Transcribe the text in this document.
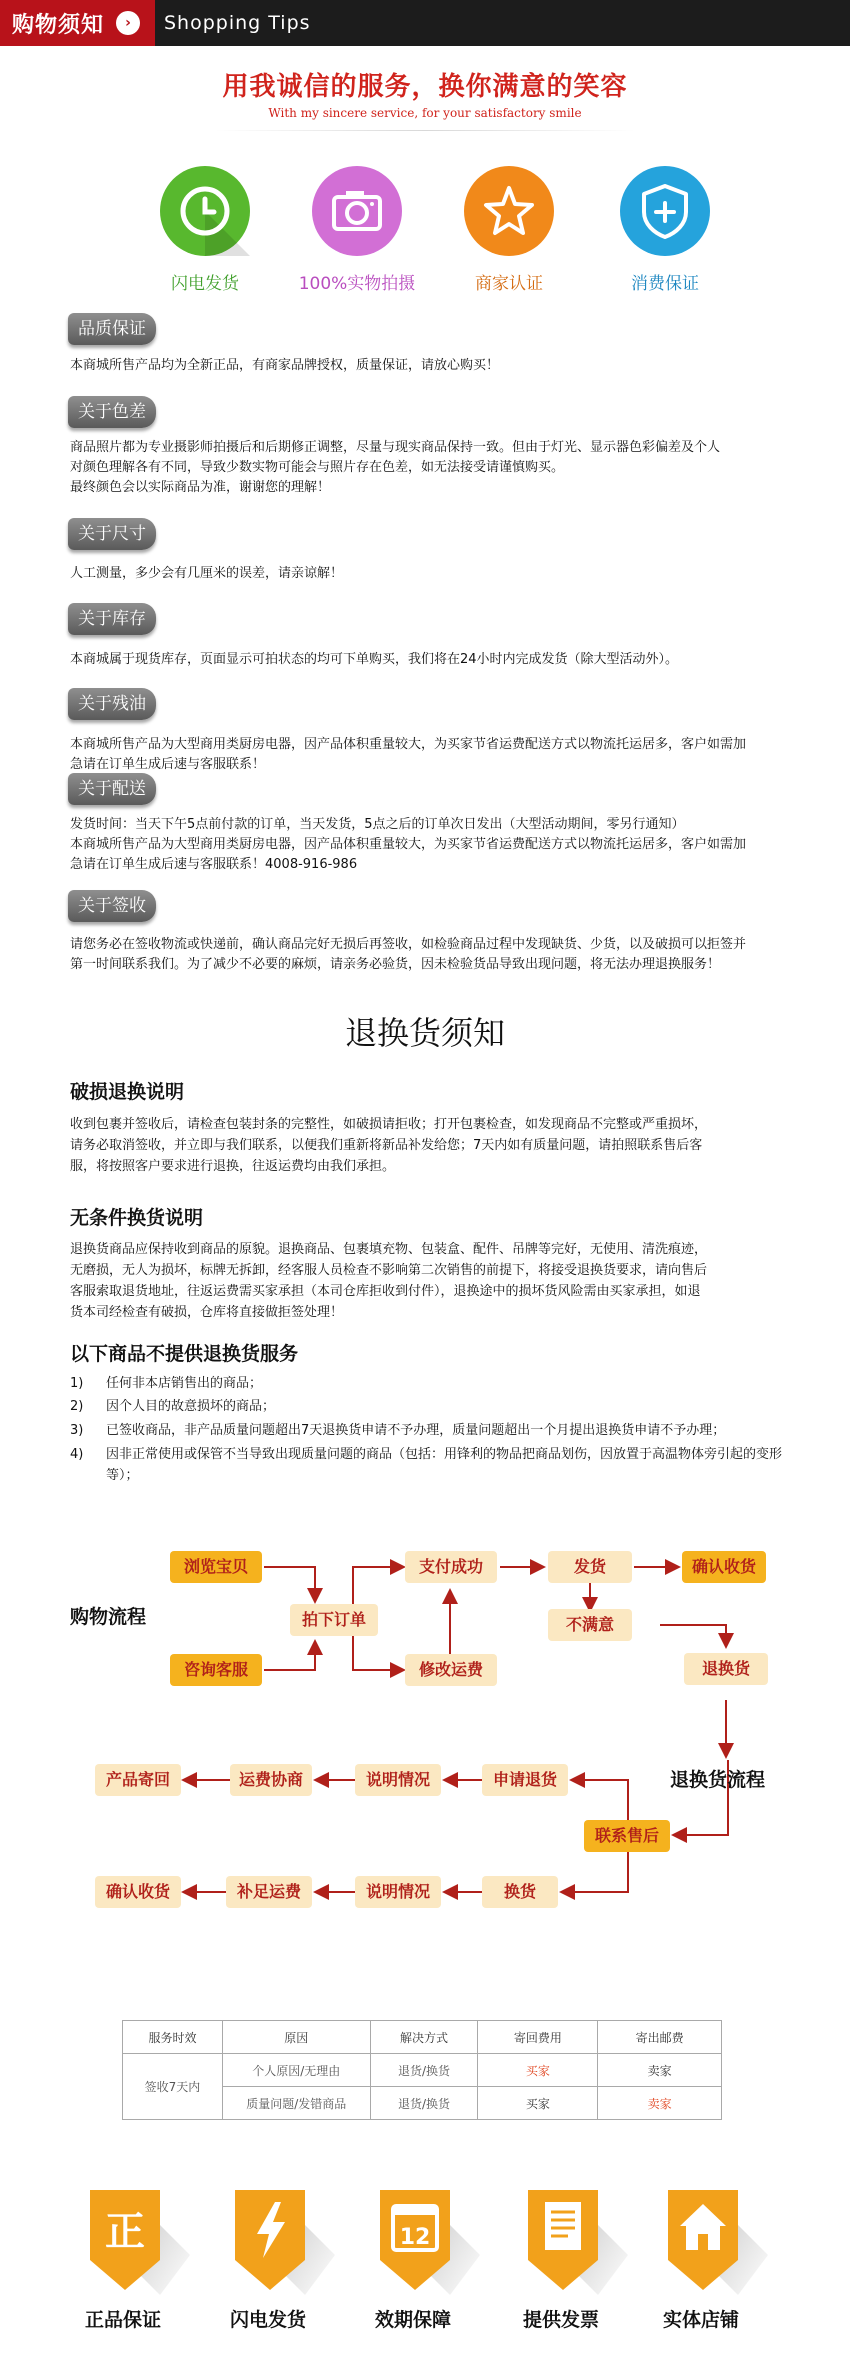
购物须知	›	Shopping Tips
用我诚信的服务，换你满意的笑容
With my sincere service, for your satisfactory smile
闪电发货	100%实物拍摄	商家认证	消费保证
品质保证
本商城所售产品均为全新正品，有商家品牌授权，质量保证，请放心购买！
关于色差
商品照片都为专业摄影师拍摄后和后期修正调整，尽量与现实商品保持一致。但由于灯光、显示器色彩偏差及个人
对颜色理解各有不同，导致少数实物可能会与照片存在色差，如无法接受请谨慎购买。
最终颜色会以实际商品为准，谢谢您的理解！
关于尺寸
人工测量，多少会有几厘米的误差，请亲谅解！
关于库存
本商城属于现货库存，页面显示可拍状态的均可下单购买，我们将在24小时内完成发货（除大型活动外）。
关于残油
本商城所售产品为大型商用类厨房电器，因产品体积重量较大，为买家节省运费配送方式以物流托运居多，客户如需加
急请在订单生成后速与客服联系！
关于配送
发货时间：当天下午5点前付款的订单，当天发货，5点之后的订单次日发出（大型活动期间，零另行通知）
本商城所售产品为大型商用类厨房电器，因产品体积重量较大，为买家节省运费配送方式以物流托运居多，客户如需加
急请在订单生成后速与客服联系！4008-916-986
关于签收
请您务必在签收物流或快递前，确认商品完好无损后再签收，如检验商品过程中发现缺货、少货，以及破损可以拒签并
第一时间联系我们。为了减少不必要的麻烦，请亲务必验货，因未检验货品导致出现问题，将无法办理退换服务！
退换货须知
破损退换说明
收到包裹并签收后，请检查包装封条的完整性，如破损请拒收；打开包裹检查，如发现商品不完整或严重损坏，
请务必取消签收，并立即与我们联系，以便我们重新将新品补发给您；7天内如有质量问题，请拍照联系售后客
服，将按照客户要求进行退换，往返运费均由我们承担。
无条件换货说明
退换货商品应保持收到商品的原貌。退换商品、包裹填充物、包装盒、配件、吊牌等完好，无使用、清洗痕迹，
无磨损，无人为损坏，标牌无拆卸，经客服人员检查不影响第二次销售的前提下，将接受退换货要求，请向售后
客服索取退货地址，往返运费需买家承担（本司仓库拒收到付件），退换途中的损坏货风险需由买家承担，如退
货本司经检查有破损，仓库将直接做拒签处理！
以下商品不提供退换货服务
1) 任何非本店销售出的商品；
2) 因个人目的故意损坏的商品；
3) 已签收商品，非产品质量问题超出7天退换货申请不予办理，质量问题超出一个月提出退换货申请不予办理；
4) 因非正常使用或保管不当导致出现质量问题的商品（包括：用锋利的物品把商品划伤，因放置于高温物体旁引起的变形等）；
购物流程
退换货流程
浏览宝贝
咨询客服
拍下订单
支付成功
修改运费
发货	确认收货
不满意
退换货
联系售后
申请退货
说明情况
运费协商
产品寄回
换货
说明情况
补足运费
确认收货
服务时效	原因	解决方式	寄回费用	寄出邮费
签收7天内	个人原因/无理由	退货/换货	买家	卖家
	质量问题/发错商品	退货/换货	买家	卖家
正	12
正品保证	闪电发货	效期保障	提供发票	实体店铺
